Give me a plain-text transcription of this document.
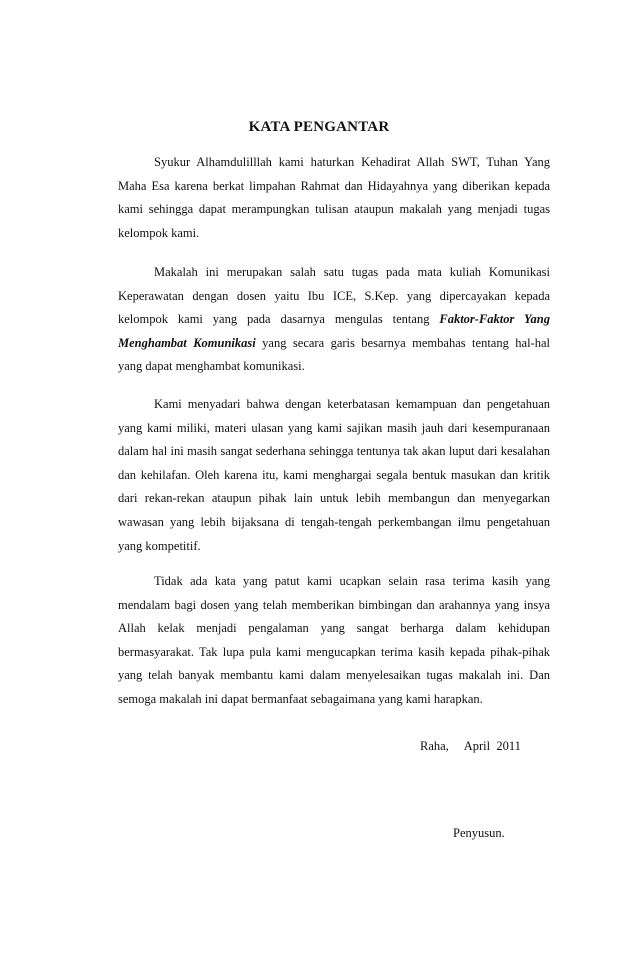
KATA PENGANTAR

Syukur Alhamdulilllah kami haturkan Kehadirat Allah SWT, Tuhan Yang Maha Esa karena berkat limpahan Rahmat dan Hidayahnya yang diberikan kepada kami sehingga dapat merampungkan tulisan ataupun makalah yang menjadi tugas kelompok kami.

Makalah ini merupakan salah satu tugas pada mata kuliah Komunikasi Keperawatan dengan dosen yaitu Ibu ICE, S.Kep. yang dipercayakan kepada kelompok kami yang pada dasarnya mengulas tentang Faktor-Faktor Yang Menghambat Komunikasi yang secara garis besarnya membahas tentang hal-hal yang dapat menghambat komunikasi.

Kami menyadari bahwa dengan keterbatasan kemampuan dan pengetahuan yang kami miliki, materi ulasan yang kami sajikan masih jauh dari kesempuranaan dalam hal ini masih sangat sederhana sehingga tentunya tak akan luput dari kesalahan dan kehilafan. Oleh karena itu, kami menghargai segala bentuk masukan dan kritik dari rekan-rekan ataupun pihak lain untuk lebih membangun dan menyegarkan wawasan yang lebih bijaksana di tengah-tengah perkembangan ilmu pengetahuan yang kompetitif.

Tidak ada kata yang patut kami ucapkan selain rasa terima kasih yang mendalam bagi dosen yang telah memberikan bimbingan dan arahannya yang insya Allah kelak menjadi pengalaman yang sangat berharga dalam kehidupan bermasyarakat. Tak lupa pula kami mengucapkan terima kasih kepada pihak-pihak yang telah banyak membantu kami dalam menyelesaikan tugas makalah ini. Dan semoga makalah ini dapat bermanfaat sebagaimana yang kami harapkan.

Raha,     April  2011
Penyusun.
